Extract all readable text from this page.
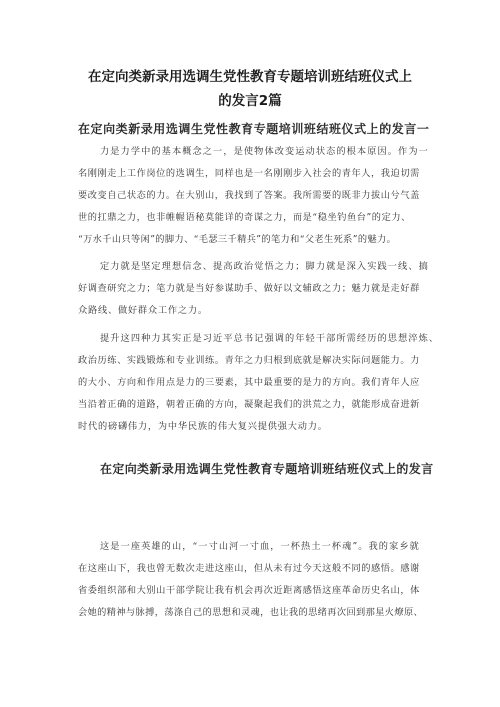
在定向类新录用选调生党性教育专题培训班结班仪式上
的发言2篇
在定向类新录用选调生党性教育专题培训班结班仪式上的发言一

力是力学中的基本概念之一，是使物体改变运动状态的根本原因。作为一

名刚刚走上工作岗位的选调生，同样也是一名刚刚步入社会的青年人，我迫切需

要改变自己状态的力。在大别山，我找到了答案。我所需要的既非力拔山兮气盖

世的扛鼎之力，也非帷幄语秘莫能详的奇谋之力，而是“稳坐钓鱼台”的定力、

“万水千山只等闲”的脚力、“毛瑟三千精兵”的笔力和“父老生死系”的魅力。

定力就是坚定理想信念、提高政治觉悟之力；脚力就是深入实践一线、搞

好调查研究之力；笔力就是当好参谋助手、做好以文辅政之力；魅力就是走好群

众路线、做好群众工作之力。

提升这四种力其实正是习近平总书记强调的年轻干部所需经历的思想淬炼、

政治历练、实践锻炼和专业训练。青年之力归根到底就是解决实际问题能力。力

的大小、方向和作用点是力的三要素，其中最重要的是力的方向。我们青年人应

当沿着正确的道路，朝着正确的方向，凝聚起我们的洪荒之力，就能形成奋进新

时代的磅礴伟力，为中华民族的伟大复兴提供强大动力。

在定向类新录用选调生党性教育专题培训班结班仪式上的发言

这是一座英雄的山，“一寸山河一寸血，一杯热土一杯魂”。我的家乡就

在这座山下，我也曾无数次走进这座山，但从未有过今天这般不同的感悟。感谢

省委组织部和大别山干部学院让我有机会再次近距离感悟这座革命历史名山，体

会她的精神与脉搏，荡涤自己的思想和灵魂，也让我的思绪再次回到那星火燎原、
